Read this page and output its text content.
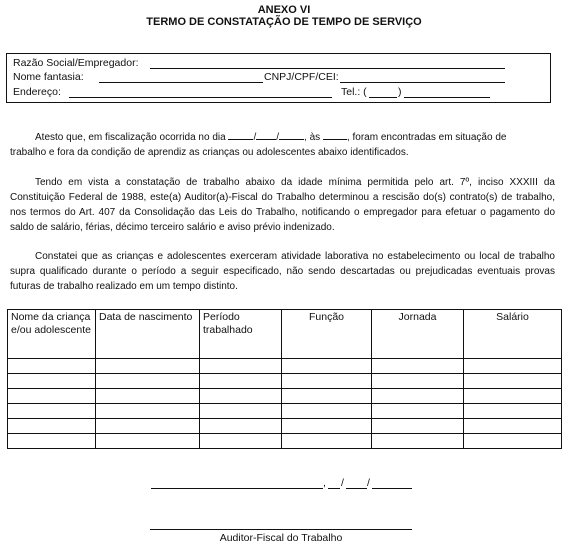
ANEXO VI
TERMO DE CONSTATAÇÃO DE TEMPO DE SERVIÇO
Razão Social/Empregador:
Nome fantasia:	CNPJ/CPF/CEI:
Endereço:	Tel.: (	)
Atesto que, em fiscalização ocorrida no dia	/ /	, às	, foram encontradas em situação de
trabalho e fora da condição de aprendiz as crianças ou adolescentes abaixo identificados.
Tendo em vista a constatação de trabalho abaixo da idade mínima permitida pelo art. 7º, inciso XXXIII da Constituição Federal de 1988, este(a) Auditor(a)-Fiscal do Trabalho determinou a rescisão do(s) contrato(s) de trabalho, nos termos do Art. 407 da Consolidação das Leis do Trabalho, notificando o empregador para efetuar o pagamento do saldo de salário, férias, décimo terceiro salário e aviso prévio indenizado.
Constatei que as crianças e adolescentes exerceram atividade laborativa no estabelecimento ou local de trabalho supra qualificado durante o período a seguir especificado, não sendo descartadas ou prejudicadas eventuais provas futuras de trabalho realizado em um tempo distinto.
Nome da criança e/ou adolescente	Data de nascimento	Período trabalhado	Função	Jornada	Salário

, / /
Auditor-Fiscal do Trabalho
